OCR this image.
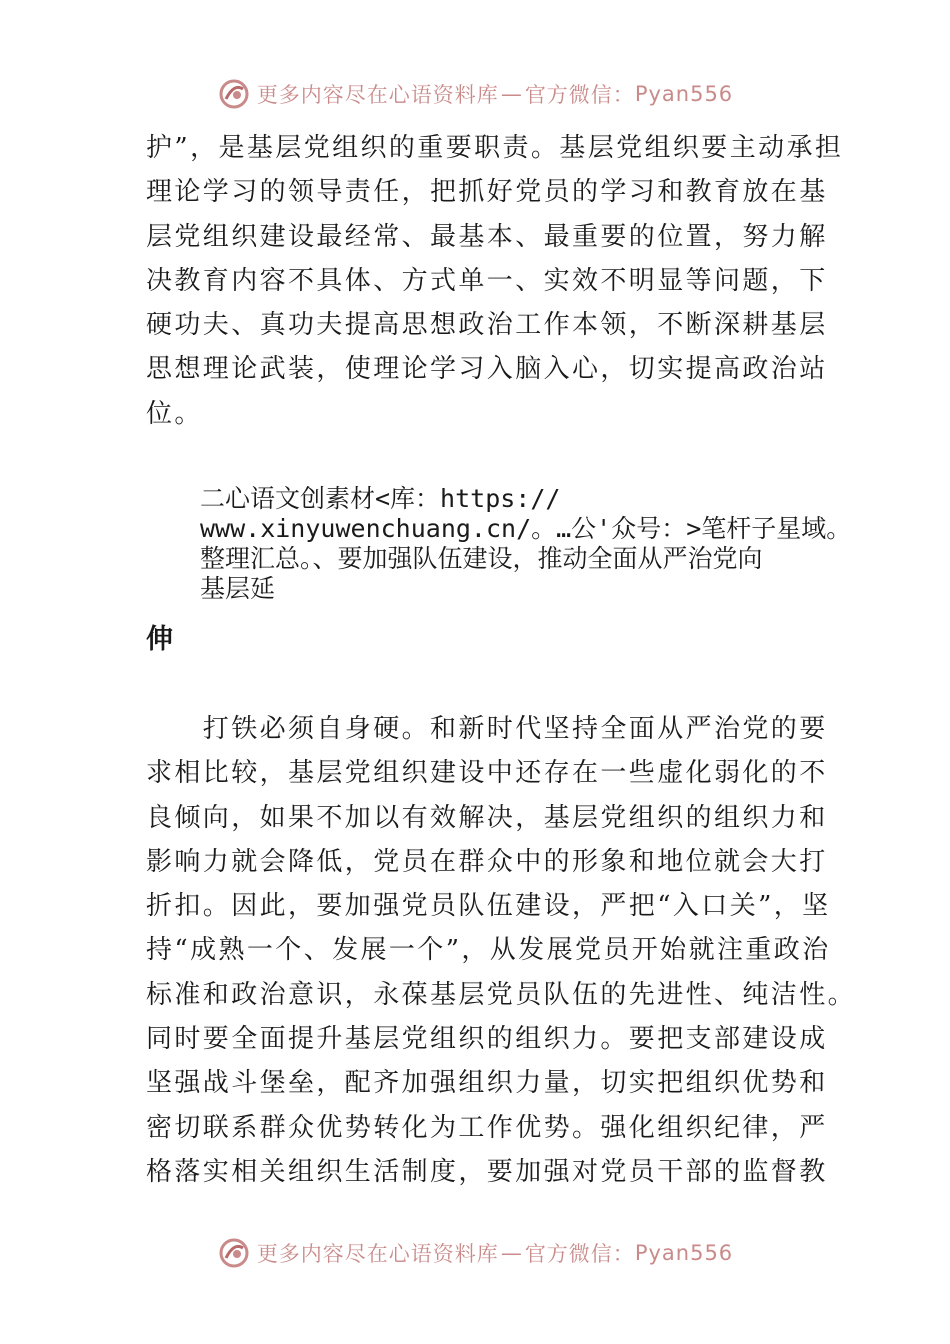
更多内容尽在心语资料库 — 官方微信： Pyan556
护”，是基层党组织的重要职责。基层党组织要主动承担
理论学习的领导责任，把抓好党员的学习和教育放在基
层党组织建设最经常、最基本、最重要的位置，努力解
决教育内容不具体、方式单一、实效不明显等问题，下
硬功夫、真功夫提高思想政治工作本领，不断深耕基层
思想理论武装，使理论学习入脑入心，切实提高政治站
位。
二心语文创素材<库：https://
www.xinyuwenchuang.cn/。…公'众号：>笔杆子星域。
整理汇总。、要加强队伍建设，推动全面从严治党向
基层延
伸
　　打铁必须自身硬。和新时代坚持全面从严治党的要
求相比较，基层党组织建设中还存在一些虚化弱化的不
良倾向，如果不加以有效解决，基层党组织的组织力和
影响力就会降低，党员在群众中的形象和地位就会大打
折扣。因此，要加强党员队伍建设，严把“入口关”，坚
持“成熟一个、发展一个”，从发展党员开始就注重政治
标准和政治意识，永葆基层党员队伍的先进性、纯洁性。
同时要全面提升基层党组织的组织力。要把支部建设成
坚强战斗堡垒，配齐加强组织力量，切实把组织优势和
密切联系群众优势转化为工作优势。强化组织纪律，严
格落实相关组织生活制度，要加强对党员干部的监督教
更多内容尽在心语资料库 — 官方微信： Pyan556
